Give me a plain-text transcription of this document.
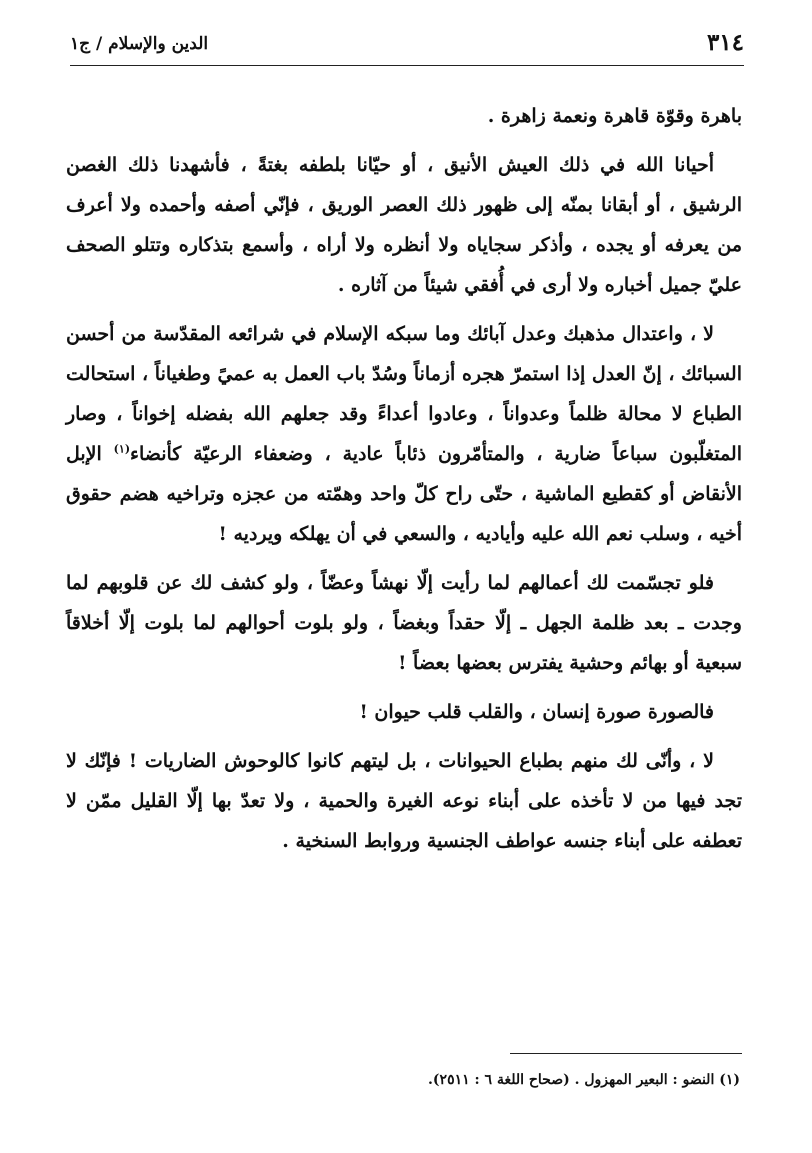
٣١٤
الدين والإسلام / ج١

باهرة وقوّة قاهرة ونعمة زاهرة .

أحيانا الله في ذلك العيش الأنيق ، أو حيّانا بلطفه بغتةً ، فأشهدنا ذلك الغصن الرشيق ، أو أبقانا بمنّه إلى ظهور ذلك العصر الوريق ، فإنّي أصفه وأحمده ولا أعرف من يعرفه أو يجده ، وأذكر سجاياه ولا أنظره ولا أراه ، وأسمع بتذكاره وتتلو الصحف عليّ جميل أخباره ولا أرى في أُفقي شيئاً من آثاره .

لا ، واعتدال مذهبك وعدل آبائك وما سبكه الإسلام في شرائعه المقدّسة من أحسن السبائك ، إنّ العدل إذا استمرّ هجره أزماناً وسُدّ باب العمل به عميً وطغياناً ، استحالت الطباع لا محالة ظلماً وعدواناً ، وعادوا أعداءً وقد جعلهم الله بفضله إخواناً ، وصار المتغلّبون سباعاً ضارية ، والمتأمّرون ذئاباً عادية ، وضعفاء الرعيّة كأنضاء$^{(١)}$ الإبل الأنقاض أو كقطيع الماشية ، حتّى راح كلّ واحد وهمّته من عجزه وتراخيه هضم حقوق أخيه ، وسلب نعم الله عليه وأياديه ، والسعي في أن يهلكه ويرديه !

فلو تجسّمت لك أعمالهم لما رأيت إلّا نهشاً وعضّاً ، ولو كشف لك عن قلوبهم لما وجدت ـ بعد ظلمة الجهل ـ إلّا حقداً وبغضاً ، ولو بلوت أحوالهم لما بلوت إلّا أخلاقاً سبعية أو بهائم وحشية يفترس بعضها بعضاً !

فالصورة صورة إنسان ، والقلب قلب حيوان !

لا ، وأنّى لك منهم بطباع الحيوانات ، بل ليتهم كانوا كالوحوش الضاريات ! فإنّك لا تجد فيها من لا تأخذه على أبناء نوعه الغيرة والحمية ، ولا تعدّ بها إلّا القليل ممّن لا تعطفه على أبناء جنسه عواطف الجنسية وروابط السنخية .

(١) النضو : البعير المهزول . (صحاح اللغة ٦ : ٢٥١١).
